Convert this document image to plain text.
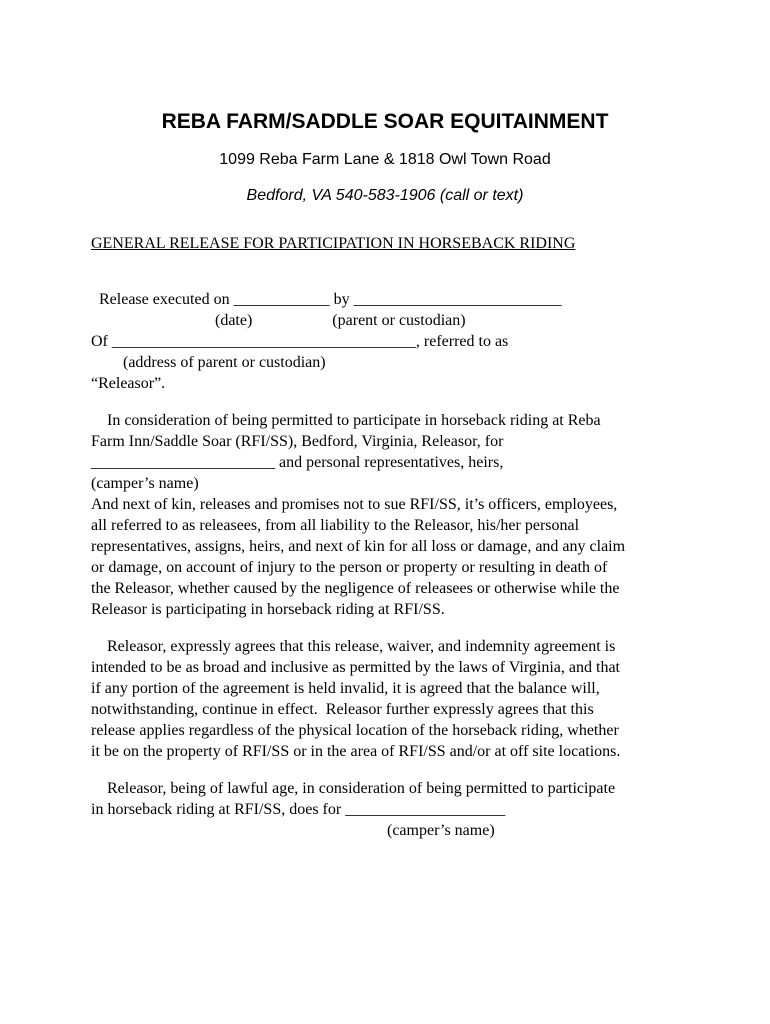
REBA FARM/SADDLE SOAR EQUITAINMENT
1099 Reba Farm Lane & 1818 Owl Town Road
Bedford, VA 540-583-1906 (call or text)
GENERAL RELEASE FOR PARTICIPATION IN HORSEBACK RIDING
Release executed on ____________ by __________________________
(date)                    (parent or custodian)
Of ______________________________________, referred to as
(address of parent or custodian)
“Releasor”.
In consideration of being permitted to participate in horseback riding at Reba
Farm Inn/Saddle Soar (RFI/SS), Bedford, Virginia, Releasor, for
_______________________ and personal representatives, heirs,
(camper’s name)
And next of kin, releases and promises not to sue RFI/SS, it’s officers, employees,
all referred to as releasees, from all liability to the Releasor, his/her personal
representatives, assigns, heirs, and next of kin for all loss or damage, and any claim
or damage, on account of injury to the person or property or resulting in death of
the Releasor, whether caused by the negligence of releasees or otherwise while the
Releasor is participating in horseback riding at RFI/SS.
Releasor, expressly agrees that this release, waiver, and indemnity agreement is
intended to be as broad and inclusive as permitted by the laws of Virginia, and that
if any portion of the agreement is held invalid, it is agreed that the balance will,
notwithstanding, continue in effect.  Releasor further expressly agrees that this
release applies regardless of the physical location of the horseback riding, whether
it be on the property of RFI/SS or in the area of RFI/SS and/or at off site locations.
Releasor, being of lawful age, in consideration of being permitted to participate
in horseback riding at RFI/SS, does for ____________________
(camper’s name)
